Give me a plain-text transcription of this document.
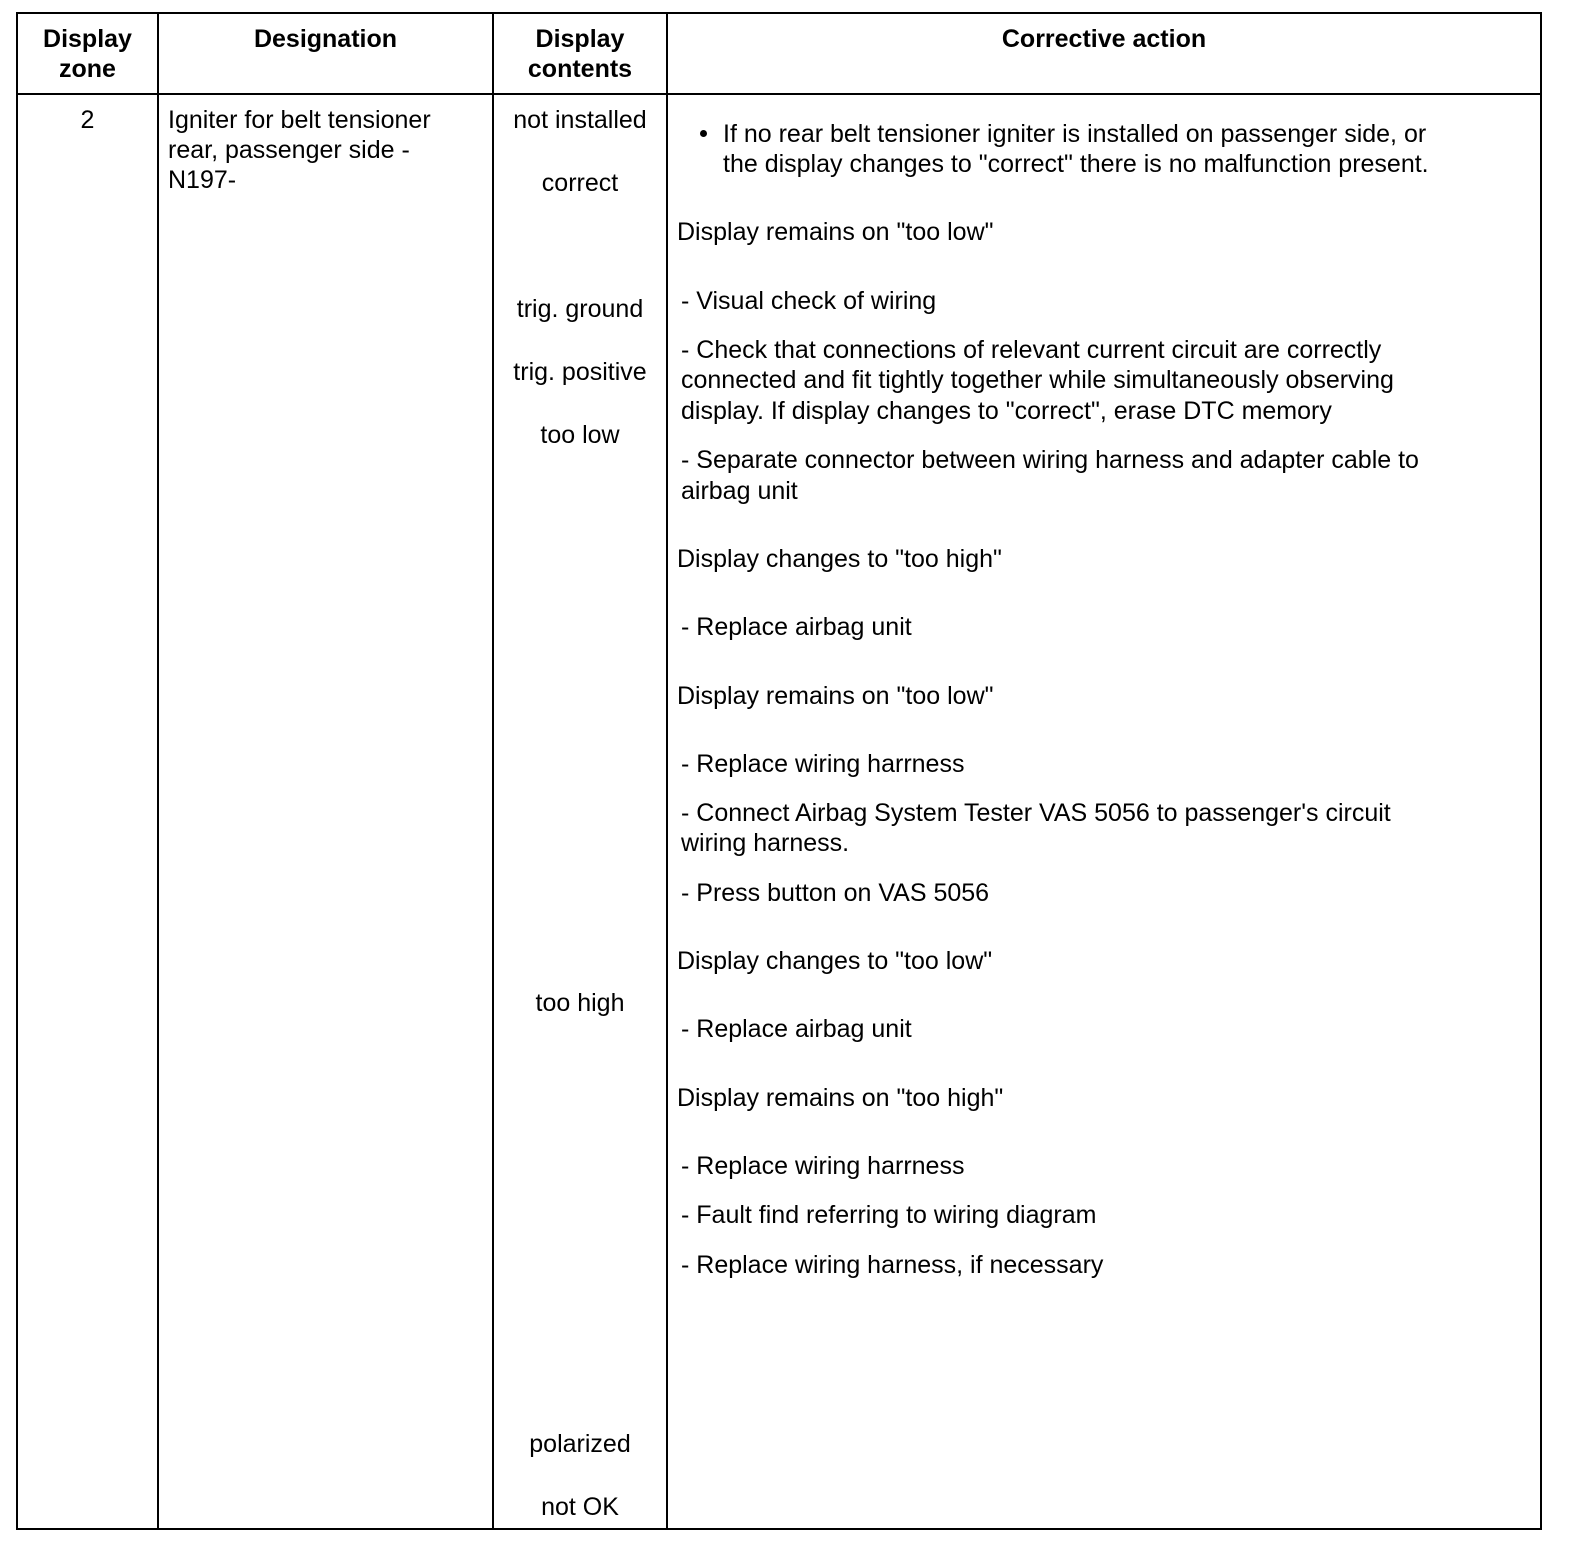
Display
zone
Designation	Display
contents
Corrective action
2	Igniter for belt tensioner
rear, passenger side -
N197-
not installed
correct
trig. ground
trig. positive
too low
too high
polarized
not OK
If no rear belt tensioner igniter is installed on passenger side, or
the display changes to "correct" there is no malfunction present.
Display remains on "too low"
- Visual check of wiring
- Check that connections of relevant current circuit are correctly
connected and fit tightly together while simultaneously observing
display. If display changes to "correct", erase DTC memory
- Separate connector between wiring harness and adapter cable to
airbag unit
Display changes to "too high"
- Replace airbag unit
Display remains on "too low"
- Replace wiring harrness
- Connect Airbag System Tester VAS 5056 to passenger's circuit
wiring harness.
- Press button on VAS 5056
Display changes to "too low"
- Replace airbag unit
Display remains on "too high"
- Replace wiring harrness
- Fault find referring to wiring diagram
- Replace wiring harness, if necessary
